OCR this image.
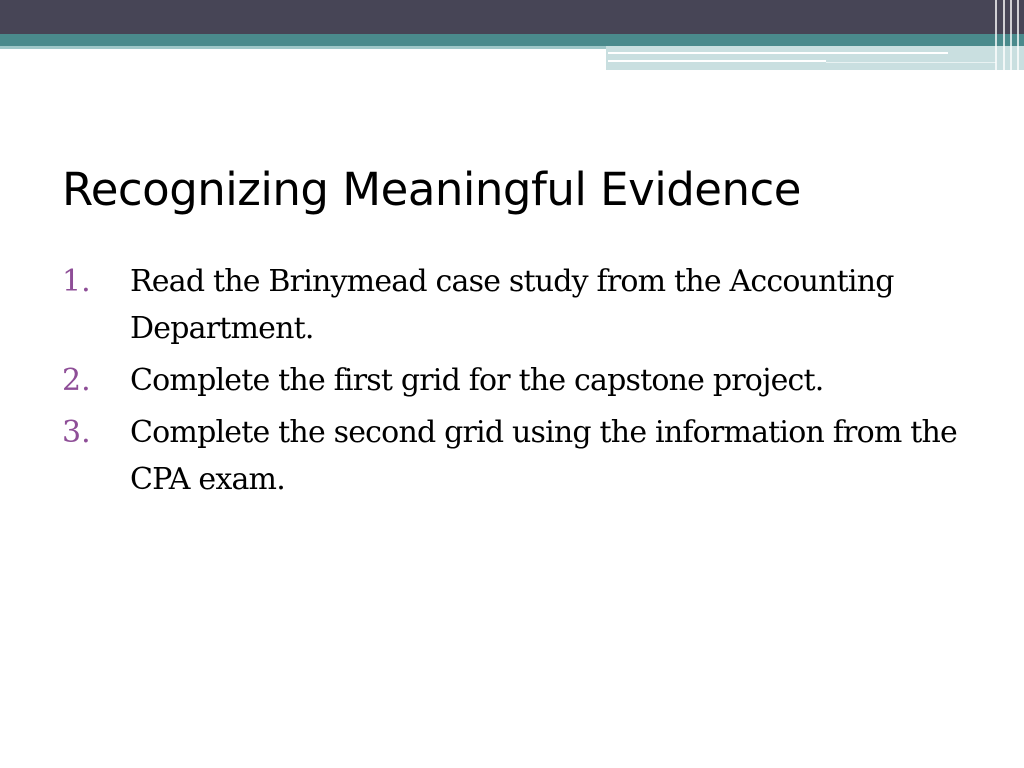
Recognizing Meaningful Evidence
1.	Read the Brinymead case study from the Accounting Department.
2.	Complete the first grid for the capstone project.
3.	Complete the second grid using the information from the CPA exam.
